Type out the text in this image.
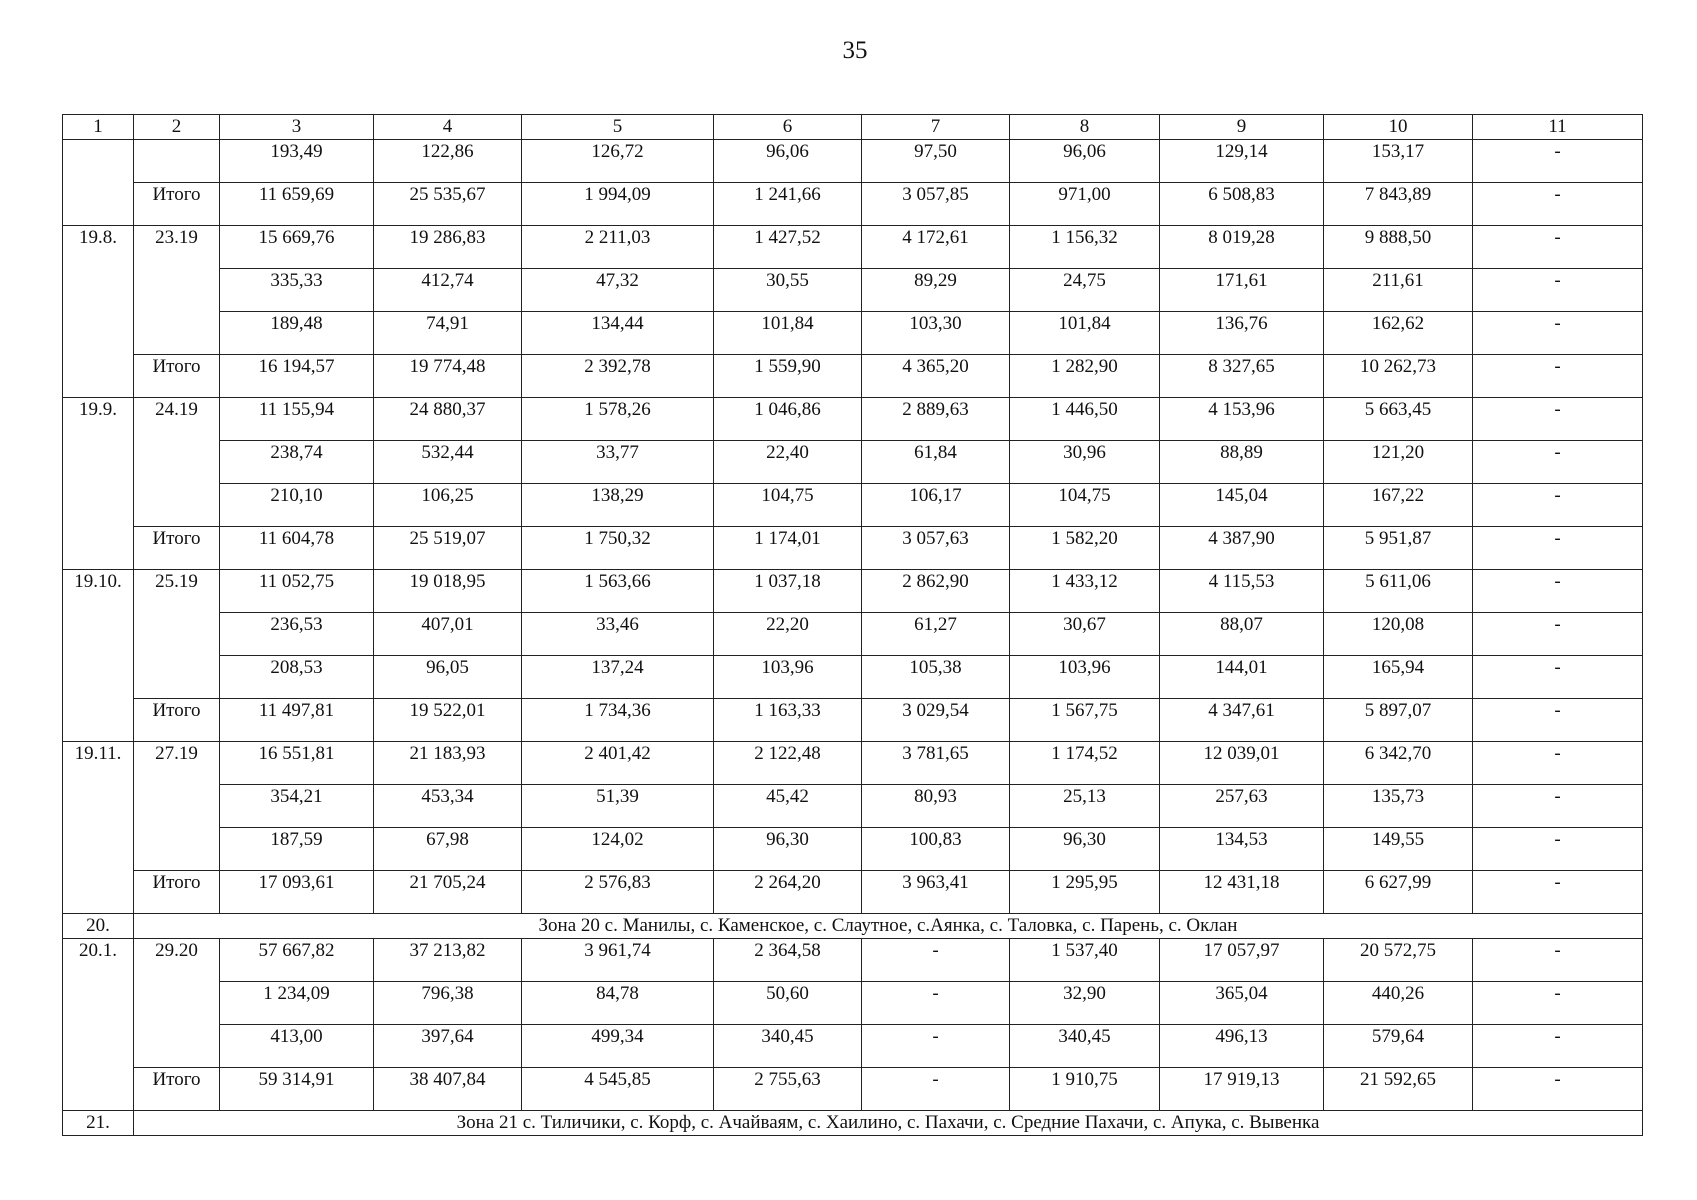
35
1	2	3	4	5	6	7	8	9	10	11
		193,49	122,86	126,72	96,06	97,50	96,06	129,14	153,17	-
	Итого	11 659,69	25 535,67	1 994,09	1 241,66	3 057,85	971,00	6 508,83	7 843,89	-
19.8.	23.19	15 669,76	19 286,83	2 211,03	1 427,52	4 172,61	1 156,32	8 019,28	9 888,50	-
		335,33	412,74	47,32	30,55	89,29	24,75	171,61	211,61	-
		189,48	74,91	134,44	101,84	103,30	101,84	136,76	162,62	-
	Итого	16 194,57	19 774,48	2 392,78	1 559,90	4 365,20	1 282,90	8 327,65	10 262,73	-
19.9.	24.19	11 155,94	24 880,37	1 578,26	1 046,86	2 889,63	1 446,50	4 153,96	5 663,45	-
		238,74	532,44	33,77	22,40	61,84	30,96	88,89	121,20	-
		210,10	106,25	138,29	104,75	106,17	104,75	145,04	167,22	-
	Итого	11 604,78	25 519,07	1 750,32	1 174,01	3 057,63	1 582,20	4 387,90	5 951,87	-
19.10.	25.19	11 052,75	19 018,95	1 563,66	1 037,18	2 862,90	1 433,12	4 115,53	5 611,06	-
		236,53	407,01	33,46	22,20	61,27	30,67	88,07	120,08	-
		208,53	96,05	137,24	103,96	105,38	103,96	144,01	165,94	-
	Итого	11 497,81	19 522,01	1 734,36	1 163,33	3 029,54	1 567,75	4 347,61	5 897,07	-
19.11.	27.19	16 551,81	21 183,93	2 401,42	2 122,48	3 781,65	1 174,52	12 039,01	6 342,70	-
		354,21	453,34	51,39	45,42	80,93	25,13	257,63	135,73	-
		187,59	67,98	124,02	96,30	100,83	96,30	134,53	149,55	-
	Итого	17 093,61	21 705,24	2 576,83	2 264,20	3 963,41	1 295,95	12 431,18	6 627,99	-
20.	Зона 20 с. Манилы, с. Каменское, с. Слаутное, с.Аянка, с. Таловка, с. Парень, с. Оклан									
20.1.	29.20	57 667,82	37 213,82	3 961,74	2 364,58	-	1 537,40	17 057,97	20 572,75	-
		1 234,09	796,38	84,78	50,60	-	32,90	365,04	440,26	-
		413,00	397,64	499,34	340,45	-	340,45	496,13	579,64	-
	Итого	59 314,91	38 407,84	4 545,85	2 755,63	-	1 910,75	17 919,13	21 592,65	-
21.	Зона 21 с. Тиличики, с. Корф, с. Ачайваям, с. Хаилино, с. Пахачи, с. Средние Пахачи, с. Апука, с. Вывенка									
